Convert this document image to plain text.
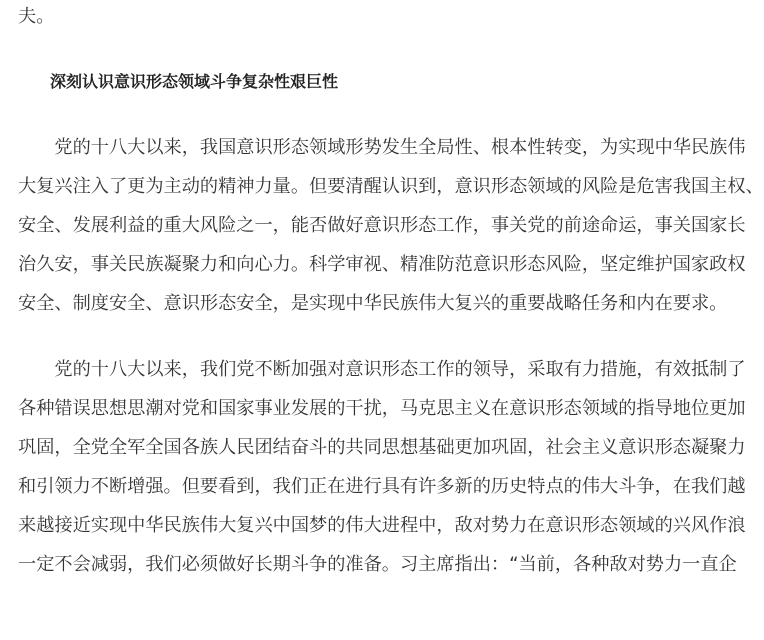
夫。
深刻认识意识形态领域斗争复杂性艰巨性
　　党的十八大以来，我国意识形态领域形势发生全局性、根本性转变，为实现中华民族伟
大复兴注入了更为主动的精神力量。但要清醒认识到，意识形态领域的风险是危害我国主权、
安全、发展利益的重大风险之一，能否做好意识形态工作，事关党的前途命运，事关国家长
治久安，事关民族凝聚力和向心力。科学审视、精准防范意识形态风险，坚定维护国家政权
安全、制度安全、意识形态安全，是实现中华民族伟大复兴的重要战略任务和内在要求。
　　党的十八大以来，我们党不断加强对意识形态工作的领导，采取有力措施，有效抵制了
各种错误思想思潮对党和国家事业发展的干扰，马克思主义在意识形态领域的指导地位更加
巩固，全党全军全国各族人民团结奋斗的共同思想基础更加巩固，社会主义意识形态凝聚力
和引领力不断增强。但要看到，我们正在进行具有许多新的历史特点的伟大斗争，在我们越
来越接近实现中华民族伟大复兴中国梦的伟大进程中，敌对势力在意识形态领域的兴风作浪
一定不会减弱，我们必须做好长期斗争的准备。习主席指出：“当前，各种敌对势力一直企
